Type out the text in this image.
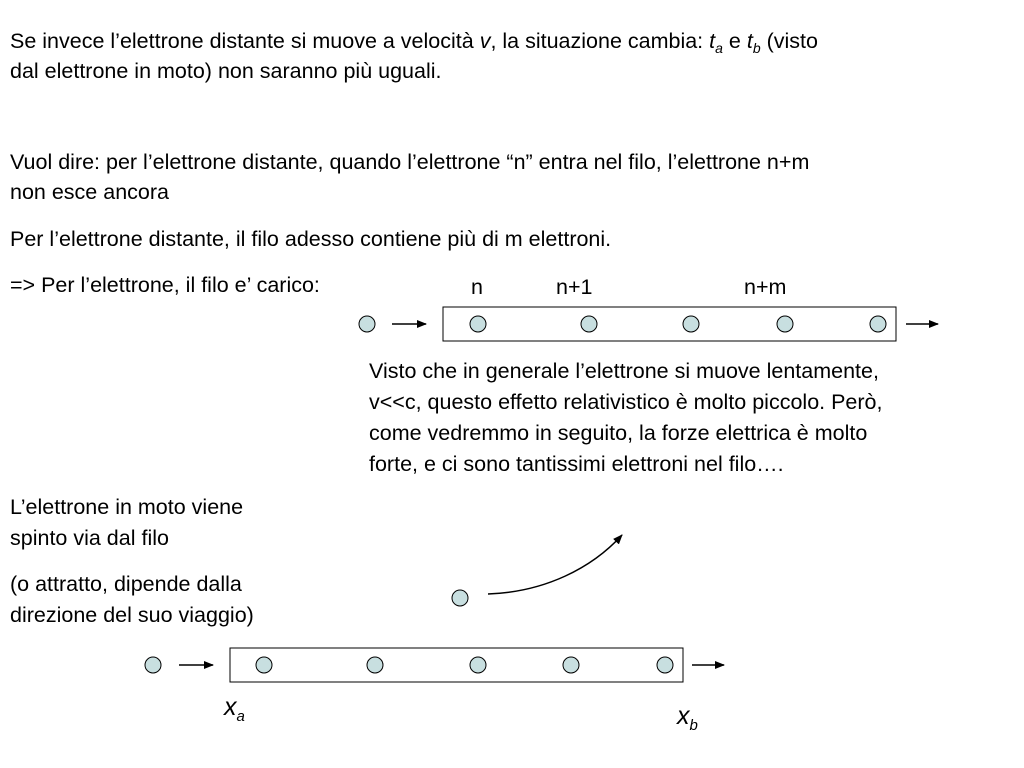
Se invece l’elettrone distante si muove a velocità v, la situazione cambia: $t_a$ e $t_b$ (visto
dal elettrone in moto) non saranno più uguali.
Vuol dire: per l’elettrone distante, quando l’elettrone “n” entra nel filo, l’elettrone n+m
non esce ancora
Per l’elettrone distante, il filo adesso contiene più di m elettroni.
=> Per l’elettrone, il filo e’ carico:	n	n+1	n+m
Visto che in generale l’elettrone si muove lentamente,
v<<c, questo effetto relativistico è molto piccolo. Però,
come vedremmo in seguito, la forze elettrica è molto
forte, e ci sono tantissimi elettroni nel filo….
L’elettrone in moto viene
spinto via dal filo
(o attratto, dipende dalla
direzione del suo viaggio)
$x_a$	$x_b$
